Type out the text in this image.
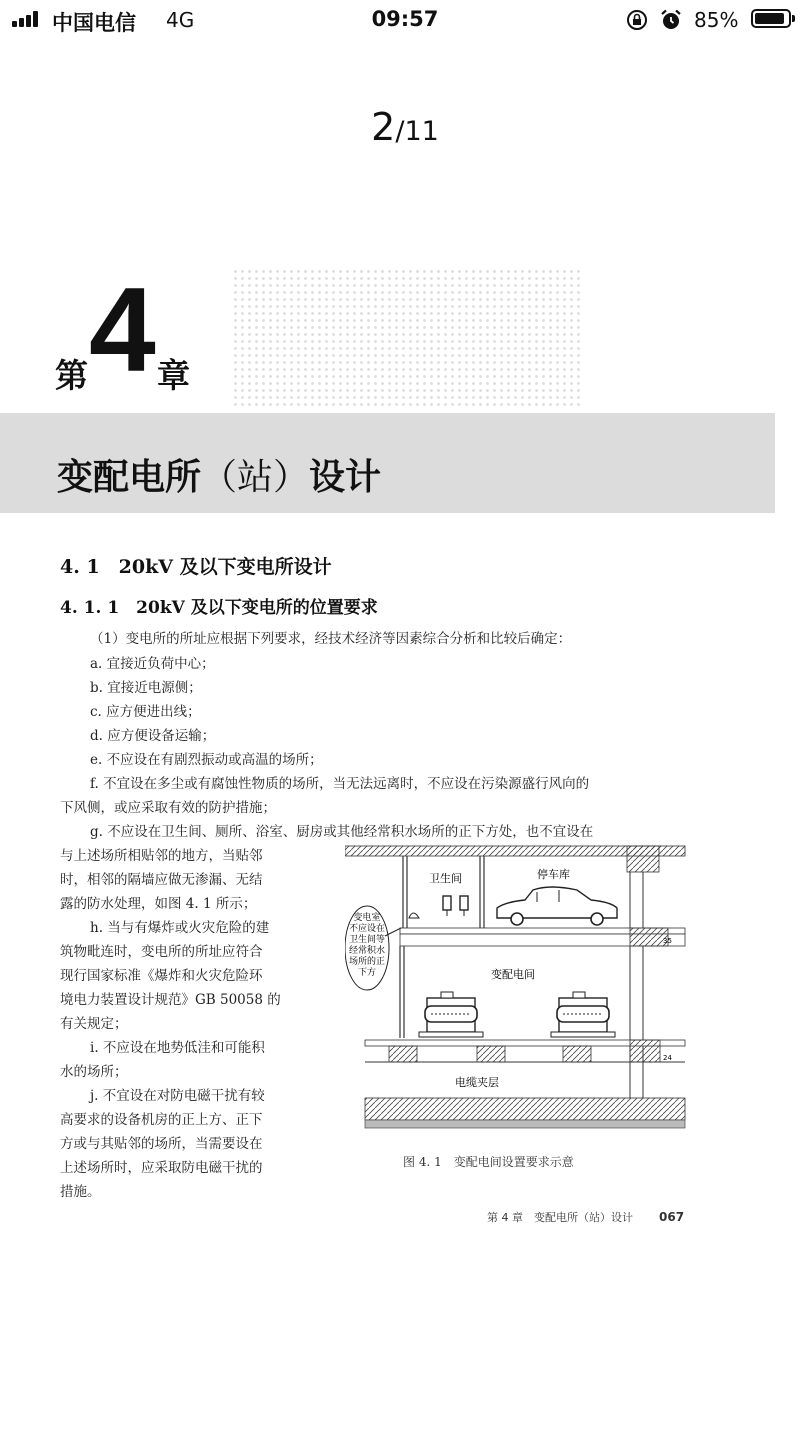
中国电信 4G	09:57	85%
2/11
第 4 章
变配电所（站）设计
4. 1　20kV 及以下变电所设计
4. 1. 1　20kV 及以下变电所的位置要求
（1）变电所的所址应根据下列要求，经技术经济等因素综合分析和比较后确定：
a. 宜接近负荷中心；
b. 宜接近电源侧；
c. 应方便进出线；
d. 应方便设备运输；
e. 不应设在有剧烈振动或高温的场所；
f. 不宜设在多尘或有腐蚀性物质的场所，当无法远离时，不应设在污染源盛行风向的
下风侧，或应采取有效的防护措施；
g. 不应设在卫生间、厕所、浴室、厨房或其他经常积水场所的正下方处，也不宜设在
与上述场所相贴邻的地方，当贴邻
时，相邻的隔墙应做无渗漏、无结
露的防水处理，如图 4. 1 所示；
h. 当与有爆炸或火灾危险的建
筑物毗连时，变电所的所址应符合
现行国家标准《爆炸和火灾危险环
境电力装置设计规范》GB 50058 的
有关规定；
i. 不应设在地势低洼和可能积
水的场所；
j. 不宜设在对防电磁干扰有较
高要求的设备机房的正上方、正下
方或与其贴邻的场所，当需要设在
上述场所时，应采取防电磁干扰的
措施。
卫生间	停车库
变配电间
电缆夹层
35
24
变电室
不应设在
卫生间等
经常积水
场所的正
下方
图 4. 1　变配电间设置要求示意
第 4 章　变配电所（站）设计 067
